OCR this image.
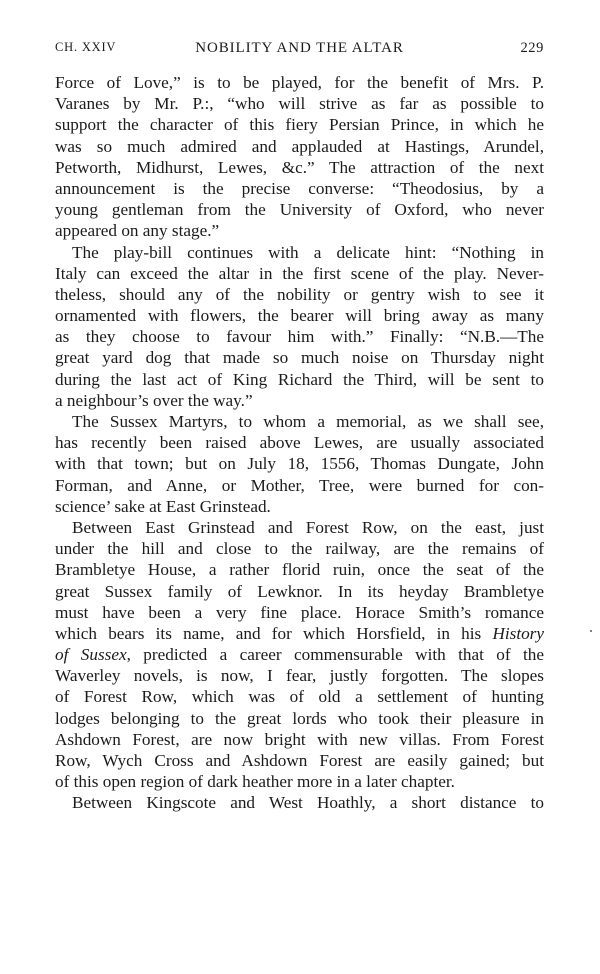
CH. XXIV	NOBILITY AND THE ALTAR	229
Force of Love,” is to be played, for the benefit of Mrs. P.
Varanes by Mr. P.:, “who will strive as far as possible to
support the character of this fiery Persian Prince, in which he
was so much admired and applauded at Hastings, Arundel,
Petworth, Midhurst, Lewes, &c.” The attraction of the next
announcement is the precise converse: “Theodosius, by a
young gentleman from the University of Oxford, who never
appeared on any stage.”
The play-bill continues with a delicate hint: “Nothing in
Italy can exceed the altar in the first scene of the play. Never-
theless, should any of the nobility or gentry wish to see it
ornamented with flowers, the bearer will bring away as many
as they choose to favour him with.” Finally: “N.B.—The
great yard dog that made so much noise on Thursday night
during the last act of King Richard the Third, will be sent to
a neighbour’s over the way.”
The Sussex Martyrs, to whom a memorial, as we shall see,
has recently been raised above Lewes, are usually associated
with that town; but on July 18, 1556, Thomas Dungate, John
Forman, and Anne, or Mother, Tree, were burned for con-
science’ sake at East Grinstead.
Between East Grinstead and Forest Row, on the east, just
under the hill and close to the railway, are the remains of
Brambletye House, a rather florid ruin, once the seat of the
great Sussex family of Lewknor. In its heyday Brambletye
must have been a very fine place. Horace Smith’s romance
which bears its name, and for which Horsfield, in his History
of Sussex, predicted a career commensurable with that of the
Waverley novels, is now, I fear, justly forgotten. The slopes
of Forest Row, which was of old a settlement of hunting
lodges belonging to the great lords who took their pleasure in
Ashdown Forest, are now bright with new villas. From Forest
Row, Wych Cross and Ashdown Forest are easily gained; but
of this open region of dark heather more in a later chapter.
Between Kingscote and West Hoathly, a short distance to
